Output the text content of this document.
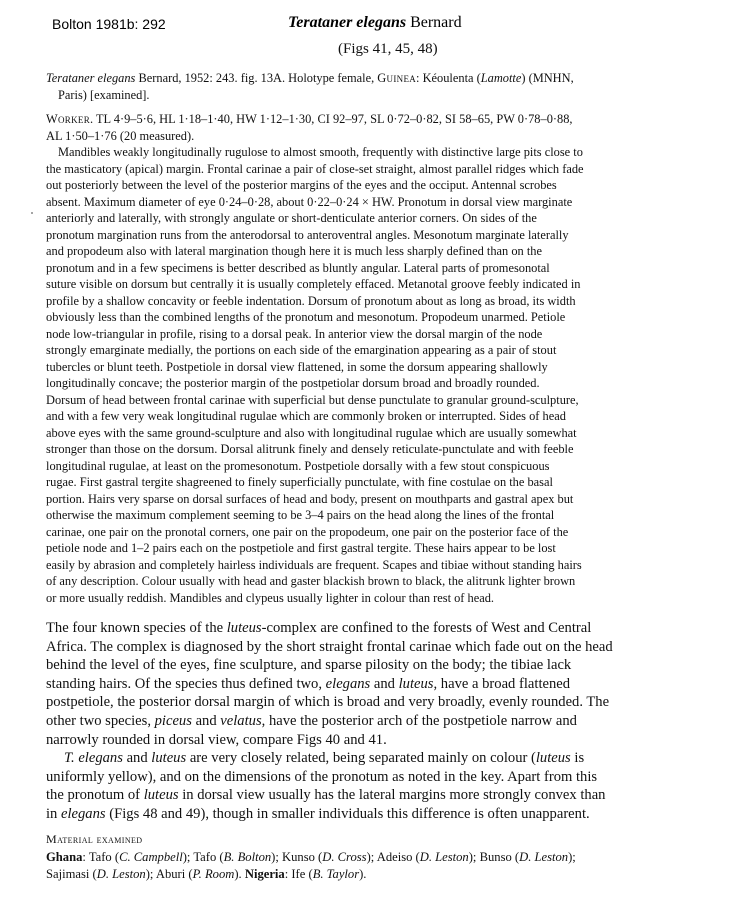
Bolton 1981b: 292	Terataner elegans Bernard
(Figs 41, 45, 48)
Terataner elegans Bernard, 1952: 243. fig. 13A. Holotype female, Guinea: Kéoulenta (Lamotte) (MNHN,
Paris) [examined].
Worker. TL 4·9–5·6, HL 1·18–1·40, HW 1·12–1·30, CI 92–97, SL 0·72–0·82, SI 58–65, PW 0·78–0·88,
AL 1·50–1·76 (20 measured).
Mandibles weakly longitudinally rugulose to almost smooth, frequently with distinctive large pits close to
the masticatory (apical) margin. Frontal carinae a pair of close-set straight, almost parallel ridges which fade
out posteriorly between the level of the posterior margins of the eyes and the occiput. Antennal scrobes
absent. Maximum diameter of eye 0·24–0·28, about 0·22–0·24 × HW. Pronotum in dorsal view marginate
anteriorly and laterally, with strongly angulate or short-denticulate anterior corners. On sides of the
pronotum margination runs from the anterodorsal to anteroventral angles. Mesonotum marginate laterally
and propodeum also with lateral margination though here it is much less sharply defined than on the
pronotum and in a few specimens is better described as bluntly angular. Lateral parts of promesonotal
suture visible on dorsum but centrally it is usually completely effaced. Metanotal groove feebly indicated in
profile by a shallow concavity or feeble indentation. Dorsum of pronotum about as long as broad, its width
obviously less than the combined lengths of the pronotum and mesonotum. Propodeum unarmed. Petiole
node low-triangular in profile, rising to a dorsal peak. In anterior view the dorsal margin of the node
strongly emarginate medially, the portions on each side of the emargination appearing as a pair of stout
tubercles or blunt teeth. Postpetiole in dorsal view flattened, in some the dorsum appearing shallowly
longitudinally concave; the posterior margin of the postpetiolar dorsum broad and broadly rounded.
Dorsum of head between frontal carinae with superficial but dense punctulate to granular ground-sculpture,
and with a few very weak longitudinal rugulae which are commonly broken or interrupted. Sides of head
above eyes with the same ground-sculpture and also with longitudinal rugulae which are usually somewhat
stronger than those on the dorsum. Dorsal alitrunk finely and densely reticulate-punctulate and with feeble
longitudinal rugulae, at least on the promesonotum. Postpetiole dorsally with a few stout conspicuous
rugae. First gastral tergite shagreened to finely superficially punctulate, with fine costulae on the basal
portion. Hairs very sparse on dorsal surfaces of head and body, present on mouthparts and gastral apex but
otherwise the maximum complement seeming to be 3–4 pairs on the head along the lines of the frontal
carinae, one pair on the pronotal corners, one pair on the propodeum, one pair on the posterior face of the
petiole node and 1–2 pairs each on the postpetiole and first gastral tergite. These hairs appear to be lost
easily by abrasion and completely hairless individuals are frequent. Scapes and tibiae without standing hairs
of any description. Colour usually with head and gaster blackish brown to black, the alitrunk lighter brown
or more usually reddish. Mandibles and clypeus usually lighter in colour than rest of head.
The four known species of the luteus-complex are confined to the forests of West and Central
Africa. The complex is diagnosed by the short straight frontal carinae which fade out on the head
behind the level of the eyes, fine sculpture, and sparse pilosity on the body; the tibiae lack
standing hairs. Of the species thus defined two, elegans and luteus, have a broad flattened
postpetiole, the posterior dorsal margin of which is broad and very broadly, evenly rounded. The
other two species, piceus and velatus, have the posterior arch of the postpetiole narrow and
narrowly rounded in dorsal view, compare Figs 40 and 41.
T. elegans and luteus are very closely related, being separated mainly on colour (luteus is
uniformly yellow), and on the dimensions of the pronotum as noted in the key. Apart from this
the pronotum of luteus in dorsal view usually has the lateral margins more strongly convex than
in elegans (Figs 48 and 49), though in smaller individuals this difference is often unapparent.
Material examined
Ghana: Tafo (C. Campbell); Tafo (B. Bolton); Kunso (D. Cross); Adeiso (D. Leston); Bunso (D. Leston);
Sajimasi (D. Leston); Aburi (P. Room). Nigeria: Ife (B. Taylor).
